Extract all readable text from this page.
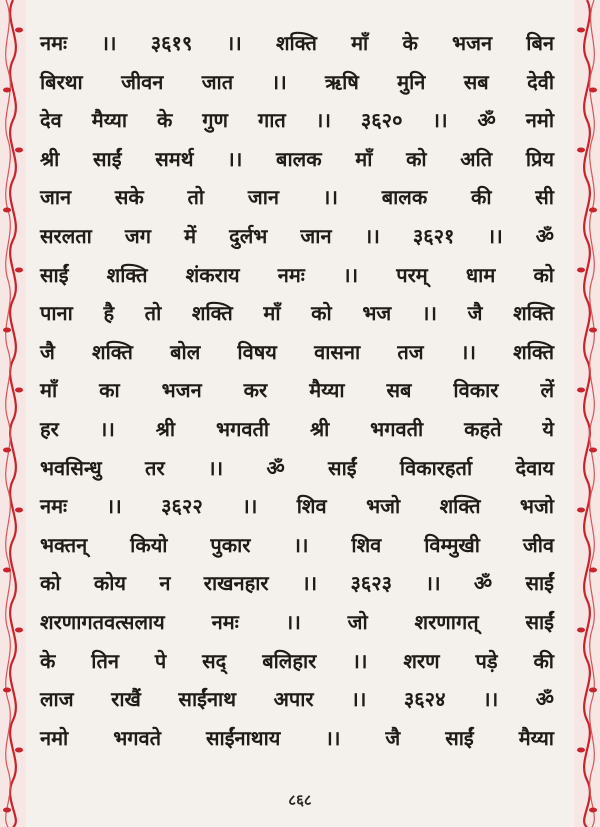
नमः ।। ३६१९ ।। शक्ति माँ के भजन बिन
बिरथा जीवन जात ।। ऋषि मुनि सब देवी
देव मैय्या के गुण गात ।। ३६२० ।। ॐ नमो
श्री साईं समर्थ ।। बालक माँ को अति प्रिय
जान सके तो जान ।। बालक की सी
सरलता जग में दुर्लभ जान ।। ३६२१ ।। ॐ
साईं शक्ति शंकराय नमः ।। परम् धाम को
पाना है तो शक्ति माँ को भज ।। जै शक्ति
जै शक्ति बोल विषय वासना तज ।। शक्ति
माँ का भजन कर मैय्या सब विकार लें
हर ।। श्री भगवती श्री भगवती कहते ये
भवसिन्धु तर ।। ॐ साईं विकारहर्ता देवाय
नमः ।। ३६२२ ।। शिव भजो शक्ति भजो
भक्तन् कियो पुकार ।। शिव विम्मुखी जीव
को कोय न राखनहार ।। ३६२३ ।। ॐ साईं
शरणागतवत्सलाय नमः ।। जो शरणागत् साईं
के तिन पे सद् बलिहार ।। शरण पड़े की
लाज राखैं साईंनाथ अपार ।। ३६२४ ।। ॐ
नमो भगवते साईंनाथाय ।। जै साईं मैय्या
८६८
